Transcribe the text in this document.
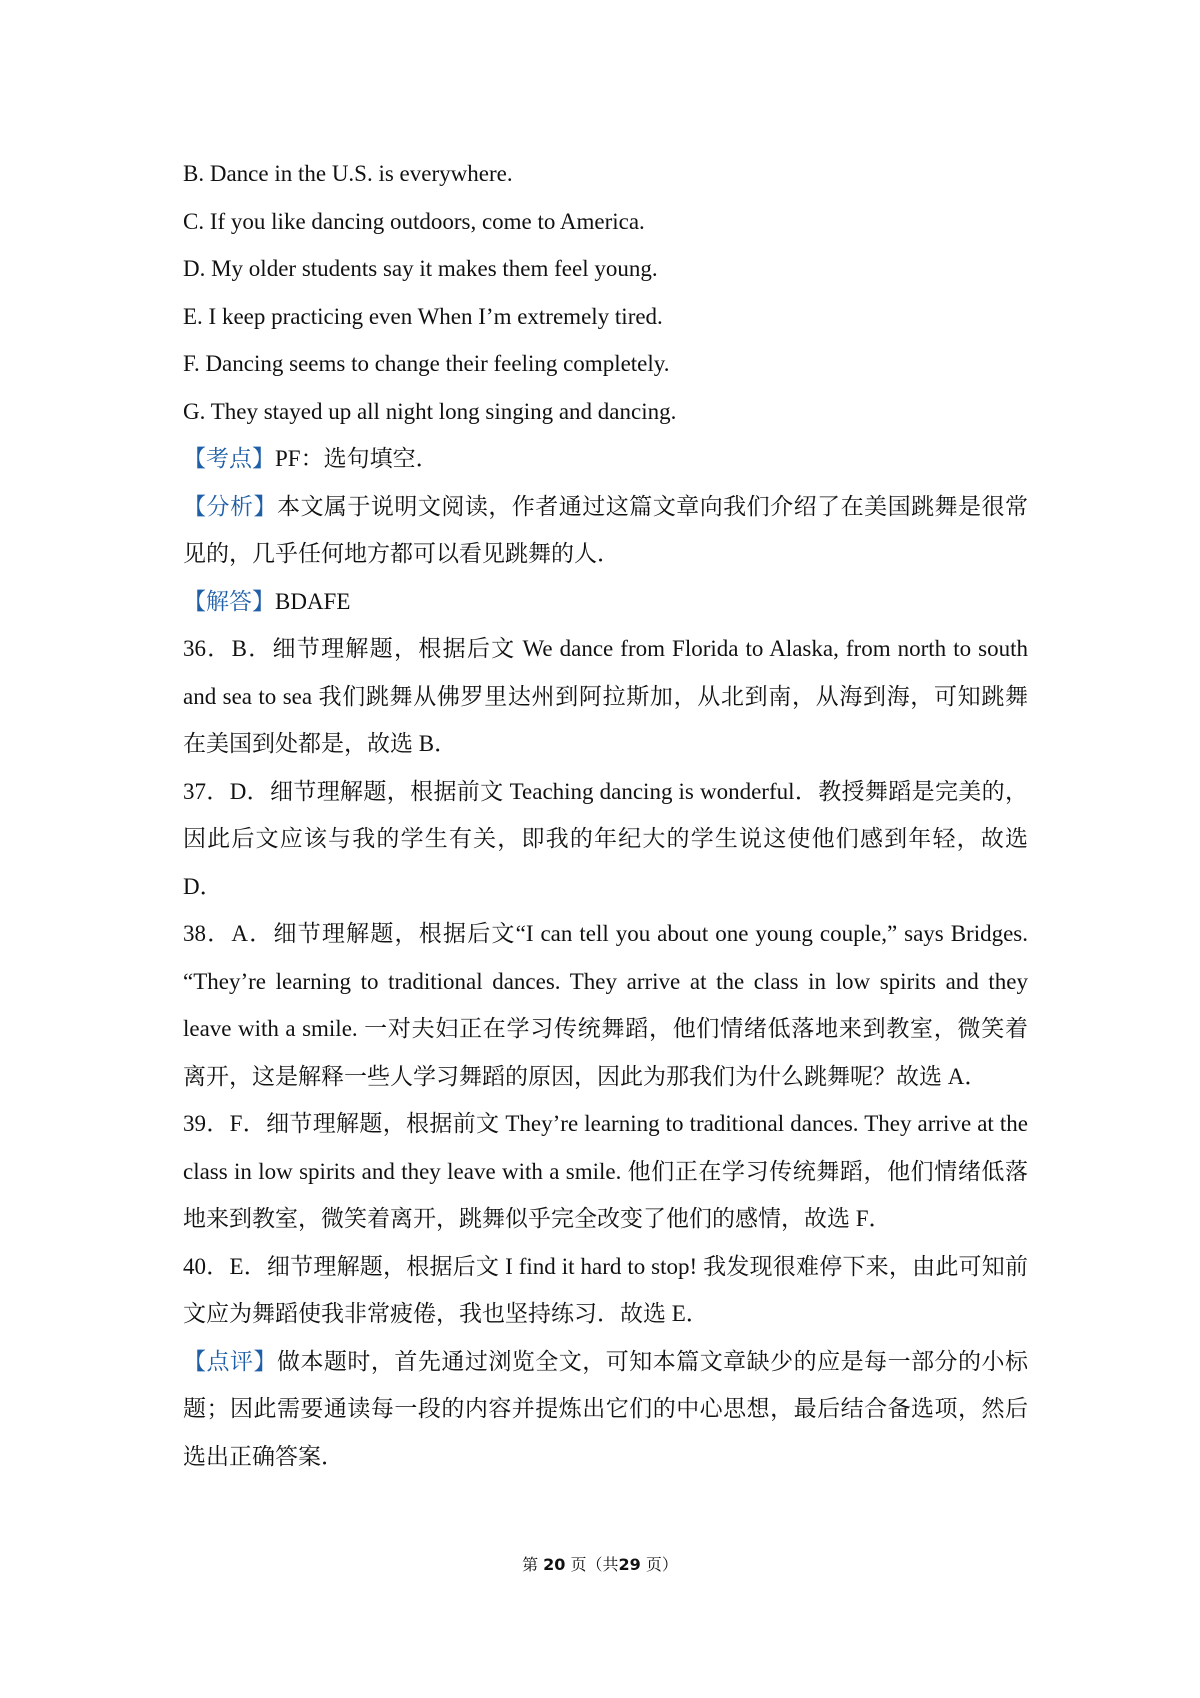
B. Dance in the U.S. is everywhere.
C. If you like dancing outdoors, come to America.
D. My older students say it makes them feel young.
E. I keep practicing even When I’m extremely tired.
F. Dancing seems to change their feeling completely.
G. They stayed up all night long singing and dancing.
【考点】PF：选句填空．
【分析】本文属于说明文阅读，作者通过这篇文章向我们介绍了在美国跳舞是很常见的，几乎任何地方都可以看见跳舞的人．
【解答】BDAFE
36．B．细节理解题，根据后文 We dance from Florida to Alaska, from north to south and sea to sea 我们跳舞从佛罗里达州到阿拉斯加，从北到南，从海到海，可知跳舞在美国到处都是，故选 B．
37．D．细节理解题，根据前文 Teaching dancing is wonderful．教授舞蹈是完美的，因此后文应该与我的学生有关，即我的年纪大的学生说这使他们感到年轻，故选 D．
38．A．细节理解题，根据后文“I can tell you about one young couple,” says Bridges. “They’re learning to traditional dances. They arrive at the class in low spirits and they leave with a smile. 一对夫妇正在学习传统舞蹈，他们情绪低落地来到教室，微笑着离开，这是解释一些人学习舞蹈的原因，因此为那我们为什么跳舞呢？故选 A．
39．F．细节理解题，根据前文 They’re learning to traditional dances. They arrive at the class in low spirits and they leave with a smile. 他们正在学习传统舞蹈，他们情绪低落地来到教室，微笑着离开，跳舞似乎完全改变了他们的感情，故选 F．
40．E．细节理解题，根据后文 I find it hard to stop! 我发现很难停下来，由此可知前文应为舞蹈使我非常疲倦，我也坚持练习．故选 E．
【点评】做本题时，首先通过浏览全文，可知本篇文章缺少的应是每一部分的小标题；因此需要通读每一段的内容并提炼出它们的中心思想，最后结合备选项，然后选出正确答案．
第 20 页（共29 页）
